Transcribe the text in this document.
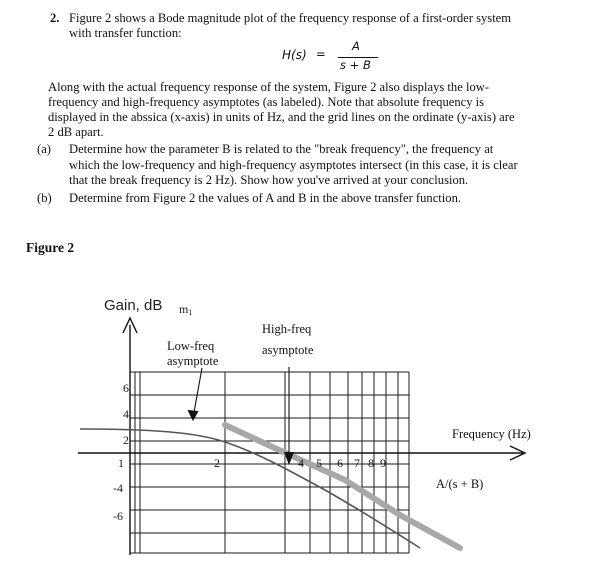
2. Figure 2 shows a Bode magnitude plot of the frequency response of a first-order system
with transfer function:
H(s) =
A
s + B
Along with the actual frequency response of the system, Figure 2 also displays the low-
frequency and high-frequency asymptotes (as labeled). Note that absolute frequency is
displayed in the abssica (x-axis) in units of Hz, and the grid lines on the ordinate (y-axis) are
2 dB apart.
(a) Determine how the parameter B is related to the "break frequency", the frequency at
which the low-frequency and high-frequency asymptotes intersect (in this case, it is clear
that the break frequency is 2 Hz). Show how you've arrived at your conclusion.
(b) Determine from Figure 2 the values of A and B in the above transfer function.
Figure 2
6
4
2
-4
-6
1	2	4 5 6 7 8 9
Gain, dB m1
Low-freq
asymptote
High-freq
asymptote
Frequency (Hz)
A/(s + B)
